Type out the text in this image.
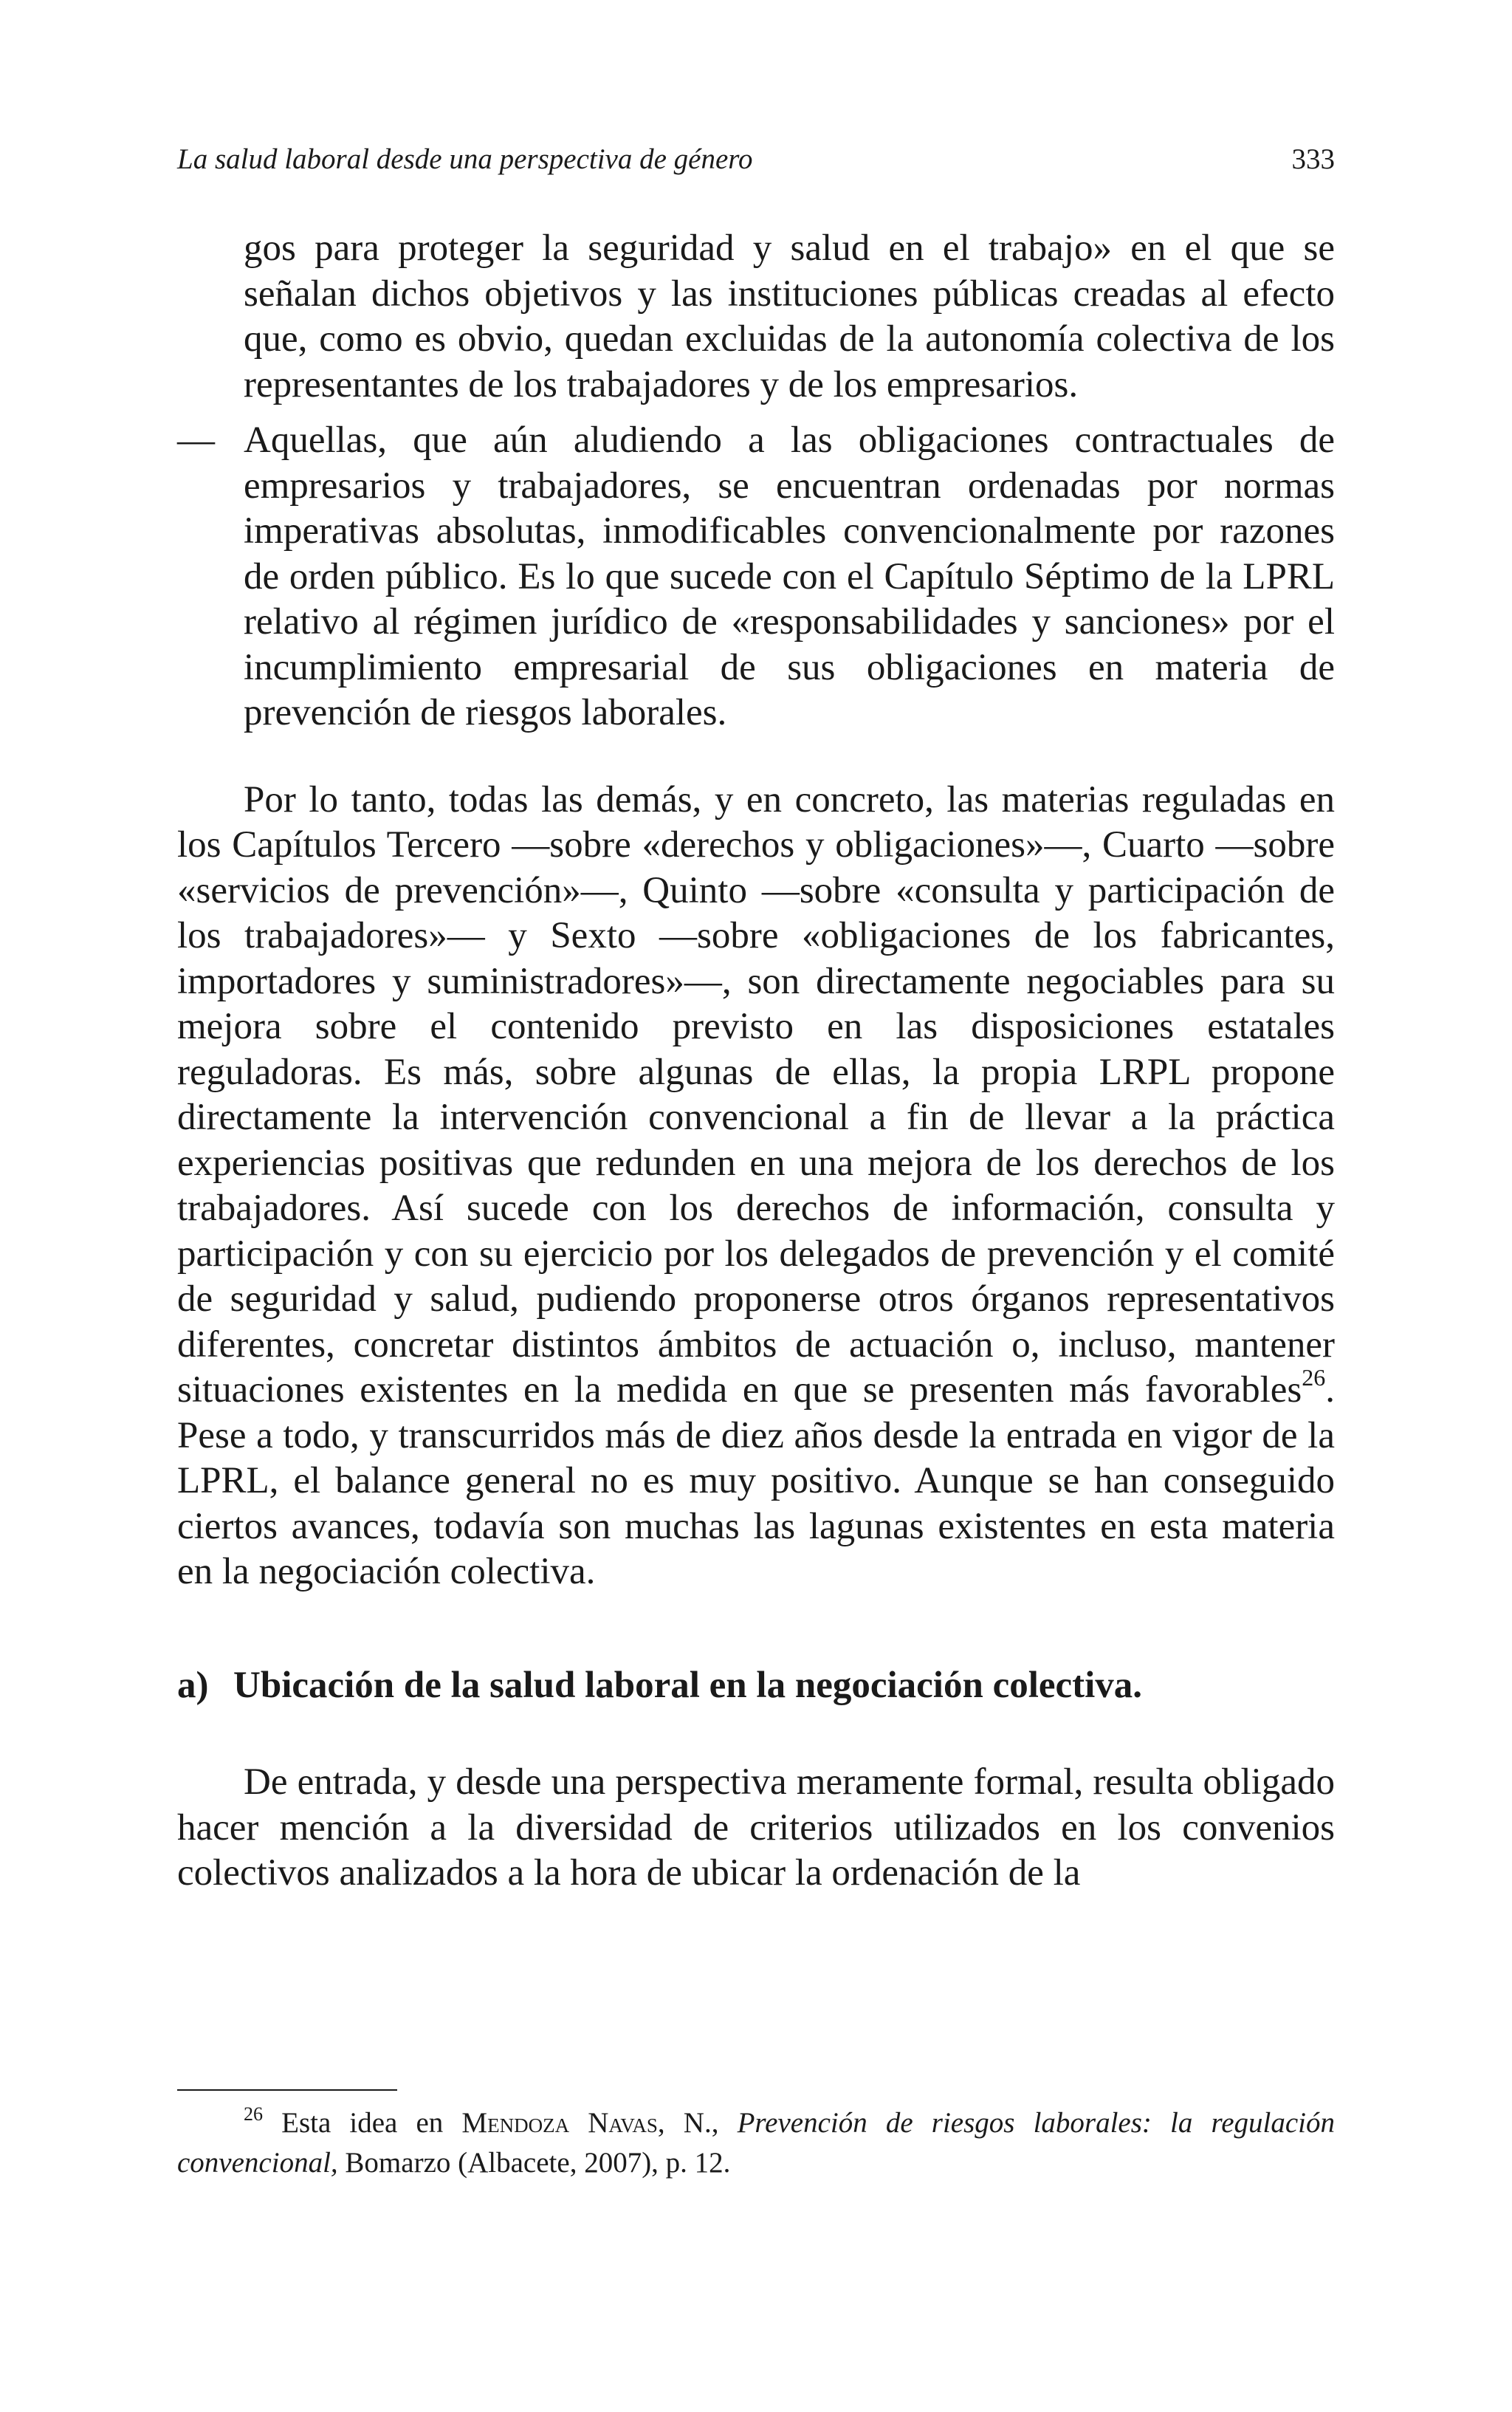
La salud laboral desde una perspectiva de género	333

gos para proteger la seguridad y salud en el trabajo» en el que se señalan dichos objetivos y las instituciones públicas creadas al efecto que, como es obvio, quedan excluidas de la autonomía colectiva de los representantes de los trabajadores y de los empresarios.

— Aquellas, que aún aludiendo a las obligaciones contractuales de empresarios y trabajadores, se encuentran ordenadas por normas imperativas absolutas, inmodificables convencionalmente por razones de orden público. Es lo que sucede con el Capítulo Séptimo de la LPRL relativo al régimen jurídico de «responsabilidades y sanciones» por el incumplimiento empresarial de sus obligaciones en materia de prevención de riesgos laborales.

Por lo tanto, todas las demás, y en concreto, las materias reguladas en los Capítulos Tercero —sobre «derechos y obligaciones»—, Cuarto —sobre «servicios de prevención»—, Quinto —sobre «consulta y participación de los trabajadores»— y Sexto —sobre «obligaciones de los fabricantes, importadores y suministradores»—, son directamente negociables para su mejora sobre el contenido previsto en las disposiciones estatales reguladoras. Es más, sobre algunas de ellas, la propia LRPL propone directamente la intervención convencional a fin de llevar a la práctica experiencias positivas que redunden en una mejora de los derechos de los trabajadores. Así sucede con los derechos de información, consulta y participación y con su ejercicio por los delegados de prevención y el comité de seguridad y salud, pudiendo proponerse otros órganos representativos diferentes, concretar distintos ámbitos de actuación o, incluso, mantener situaciones existentes en la medida en que se presenten más favorables$^{26}$. Pese a todo, y transcurridos más de diez años desde la entrada en vigor de la LPRL, el balance general no es muy positivo. Aunque se han conseguido ciertos avances, todavía son muchas las lagunas existentes en esta materia en la negociación colectiva.

a) Ubicación de la salud laboral en la negociación colectiva.

De entrada, y desde una perspectiva meramente formal, resulta obligado hacer mención a la diversidad de criterios utilizados en los convenios colectivos analizados a la hora de ubicar la ordenación de la

$^{26}$ Esta idea en Mendoza Navas, N., Prevención de riesgos laborales: la regulación convencional, Bomarzo (Albacete, 2007), p. 12.
